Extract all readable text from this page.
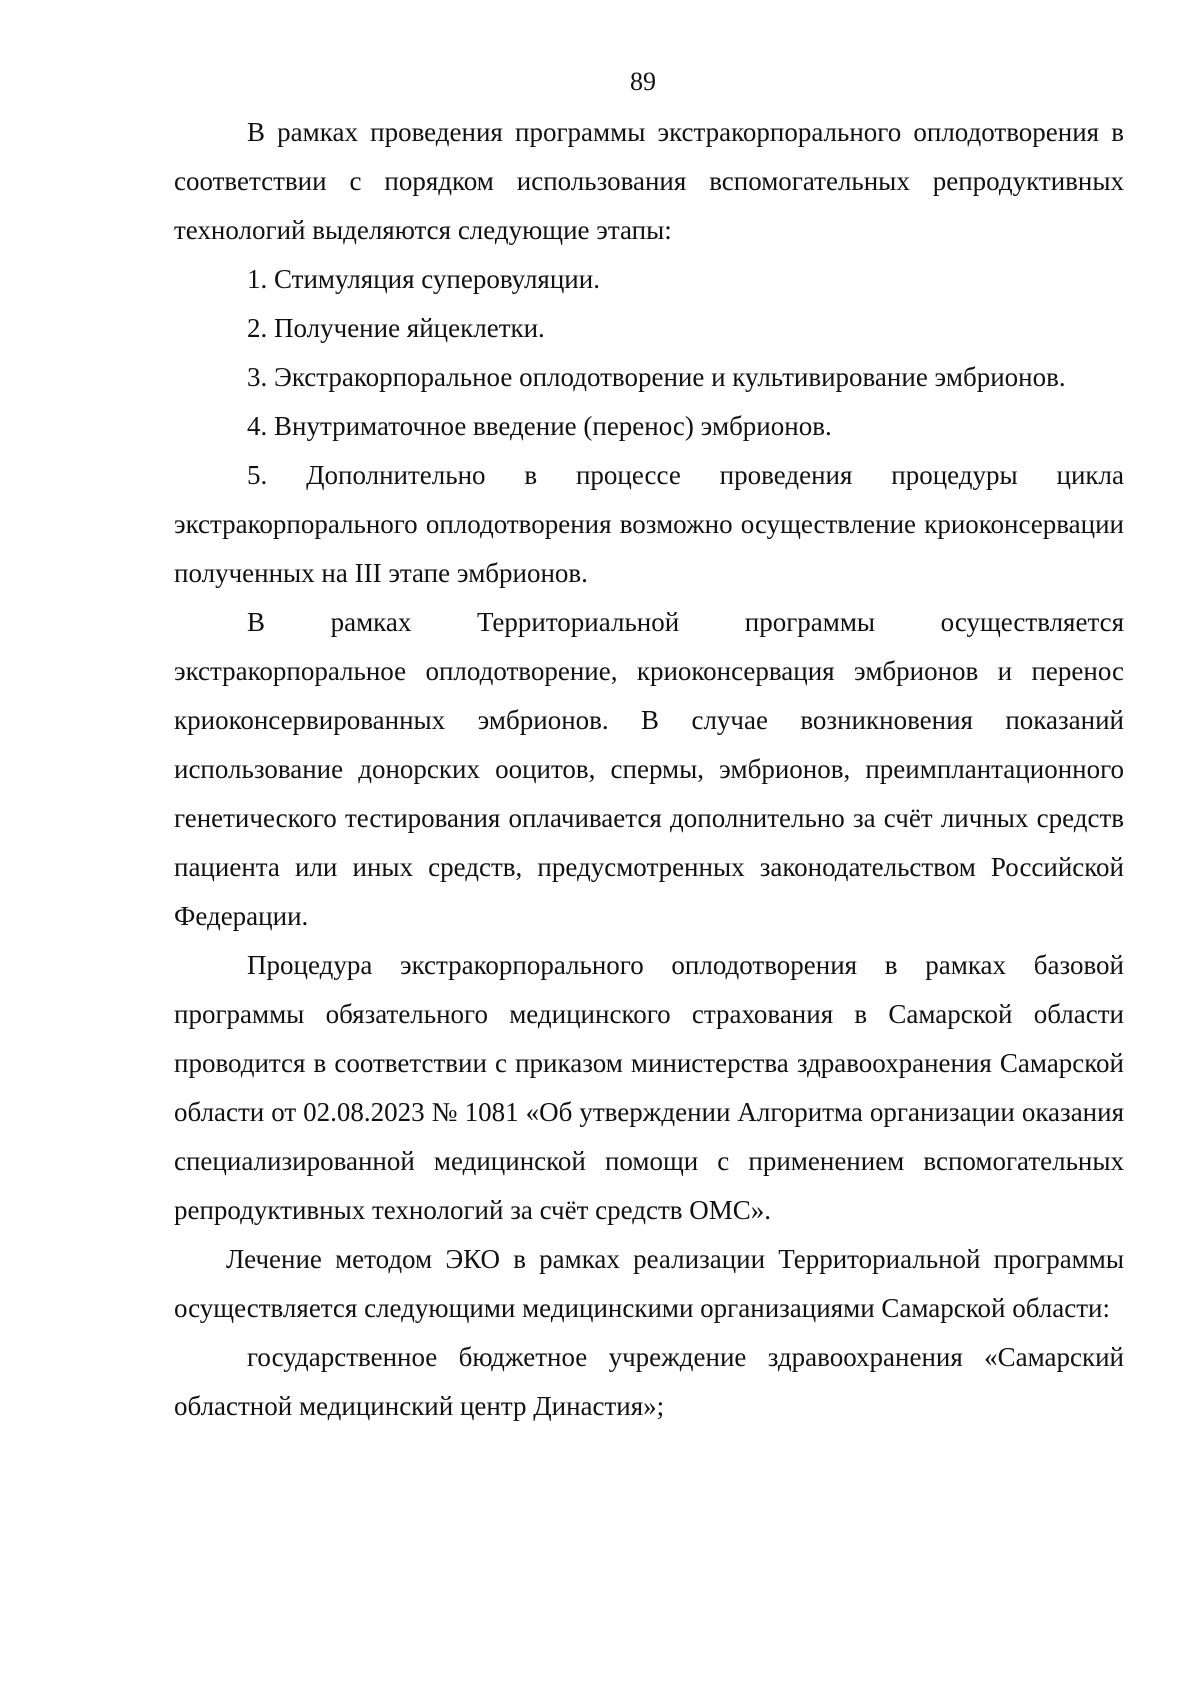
89

В рамках проведения программы экстракорпорального оплодотворения в соответствии с порядком использования вспомогательных репродуктивных технологий выделяются следующие этапы:

1. Стимуляция суперовуляции.

2. Получение яйцеклетки.

3. Экстракорпоральное оплодотворение и культивирование эмбрионов.

4. Внутриматочное введение (перенос) эмбрионов.

5. Дополнительно в процессе проведения процедуры цикла экстракорпорального оплодотворения возможно осуществление криоконсервации полученных на III этапе эмбрионов.

В рамках Территориальной программы осуществляется экстракорпоральное оплодотворение, криоконсервация эмбрионов и перенос криоконсервированных эмбрионов. В случае возникновения показаний использование донорских ооцитов, спермы, эмбрионов, преимплантационного генетического тестирования оплачивается дополнительно за счёт личных средств пациента или иных средств, предусмотренных законодательством Российской Федерации.

Процедура экстракорпорального оплодотворения в рамках базовой программы обязательного медицинского страхования в Самарской области проводится в соответствии с приказом министерства здравоохранения Самарской области от 02.08.2023 № 1081 «Об утверждении Алгоритма организации оказания специализированной медицинской помощи с применением вспомогательных репродуктивных технологий за счёт средств ОМС».

Лечение методом ЭКО в рамках реализации Территориальной программы осуществляется следующими медицинскими организациями Самарской области:

государственное бюджетное учреждение здравоохранения «Самарский областной медицинский центр Династия»;
